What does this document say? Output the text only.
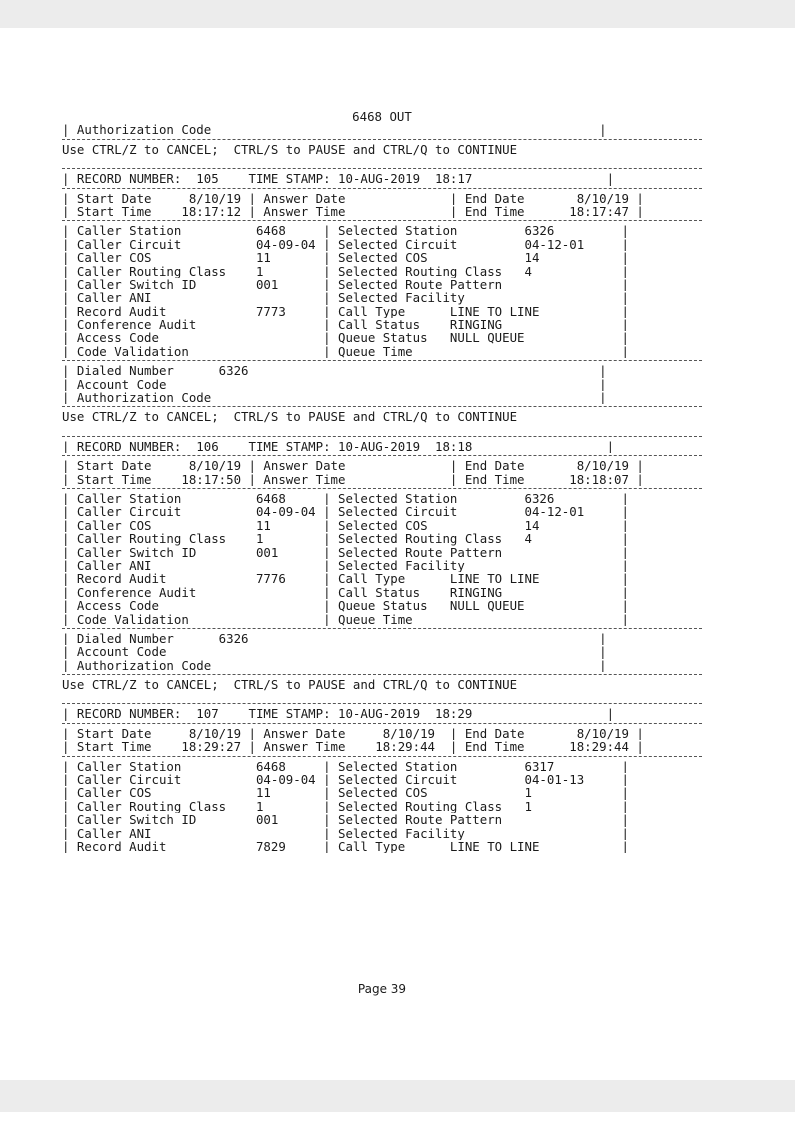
6468 OUT
| Authorization Code                                                    |
Use CTRL/Z to CANCEL;  CTRL/S to PAUSE and CTRL/Q to CONTINUE
| RECORD NUMBER:  105    TIME STAMP: 10-AUG-2019  18:17                  |
| Start Date     8/10/19 | Answer Date              | End Date       8/10/19 |
| Start Time    18:17:12 | Answer Time              | End Time      18:17:47 |
| Caller Station          6468     | Selected Station         6326         |
| Caller Circuit          04-09-04 | Selected Circuit         04-12-01     |
| Caller COS              11       | Selected COS             14           |
| Caller Routing Class    1        | Selected Routing Class   4            |
| Caller Switch ID        001      | Selected Route Pattern                |
| Caller ANI                       | Selected Facility                     |
| Record Audit            7773     | Call Type      LINE TO LINE           |
| Conference Audit                 | Call Status    RINGING                |
| Access Code                      | Queue Status   NULL QUEUE             |
| Code Validation                  | Queue Time                            |
| Dialed Number      6326                                               |
| Account Code                                                          |
| Authorization Code                                                    |
Use CTRL/Z to CANCEL;  CTRL/S to PAUSE and CTRL/Q to CONTINUE
| RECORD NUMBER:  106    TIME STAMP: 10-AUG-2019  18:18                  |
| Start Date     8/10/19 | Answer Date              | End Date       8/10/19 |
| Start Time    18:17:50 | Answer Time              | End Time      18:18:07 |
| Caller Station          6468     | Selected Station         6326         |
| Caller Circuit          04-09-04 | Selected Circuit         04-12-01     |
| Caller COS              11       | Selected COS             14           |
| Caller Routing Class    1        | Selected Routing Class   4            |
| Caller Switch ID        001      | Selected Route Pattern                |
| Caller ANI                       | Selected Facility                     |
| Record Audit            7776     | Call Type      LINE TO LINE           |
| Conference Audit                 | Call Status    RINGING                |
| Access Code                      | Queue Status   NULL QUEUE             |
| Code Validation                  | Queue Time                            |
| Dialed Number      6326                                               |
| Account Code                                                          |
| Authorization Code                                                    |
Use CTRL/Z to CANCEL;  CTRL/S to PAUSE and CTRL/Q to CONTINUE
| RECORD NUMBER:  107    TIME STAMP: 10-AUG-2019  18:29                  |
| Start Date     8/10/19 | Answer Date     8/10/19  | End Date       8/10/19 |
| Start Time    18:29:27 | Answer Time    18:29:44  | End Time      18:29:44 |
| Caller Station          6468     | Selected Station         6317         |
| Caller Circuit          04-09-04 | Selected Circuit         04-01-13     |
| Caller COS              11       | Selected COS             1            |
| Caller Routing Class    1        | Selected Routing Class   1            |
| Caller Switch ID        001      | Selected Route Pattern                |
| Caller ANI                       | Selected Facility                     |
| Record Audit            7829     | Call Type      LINE TO LINE           |
Page 39
